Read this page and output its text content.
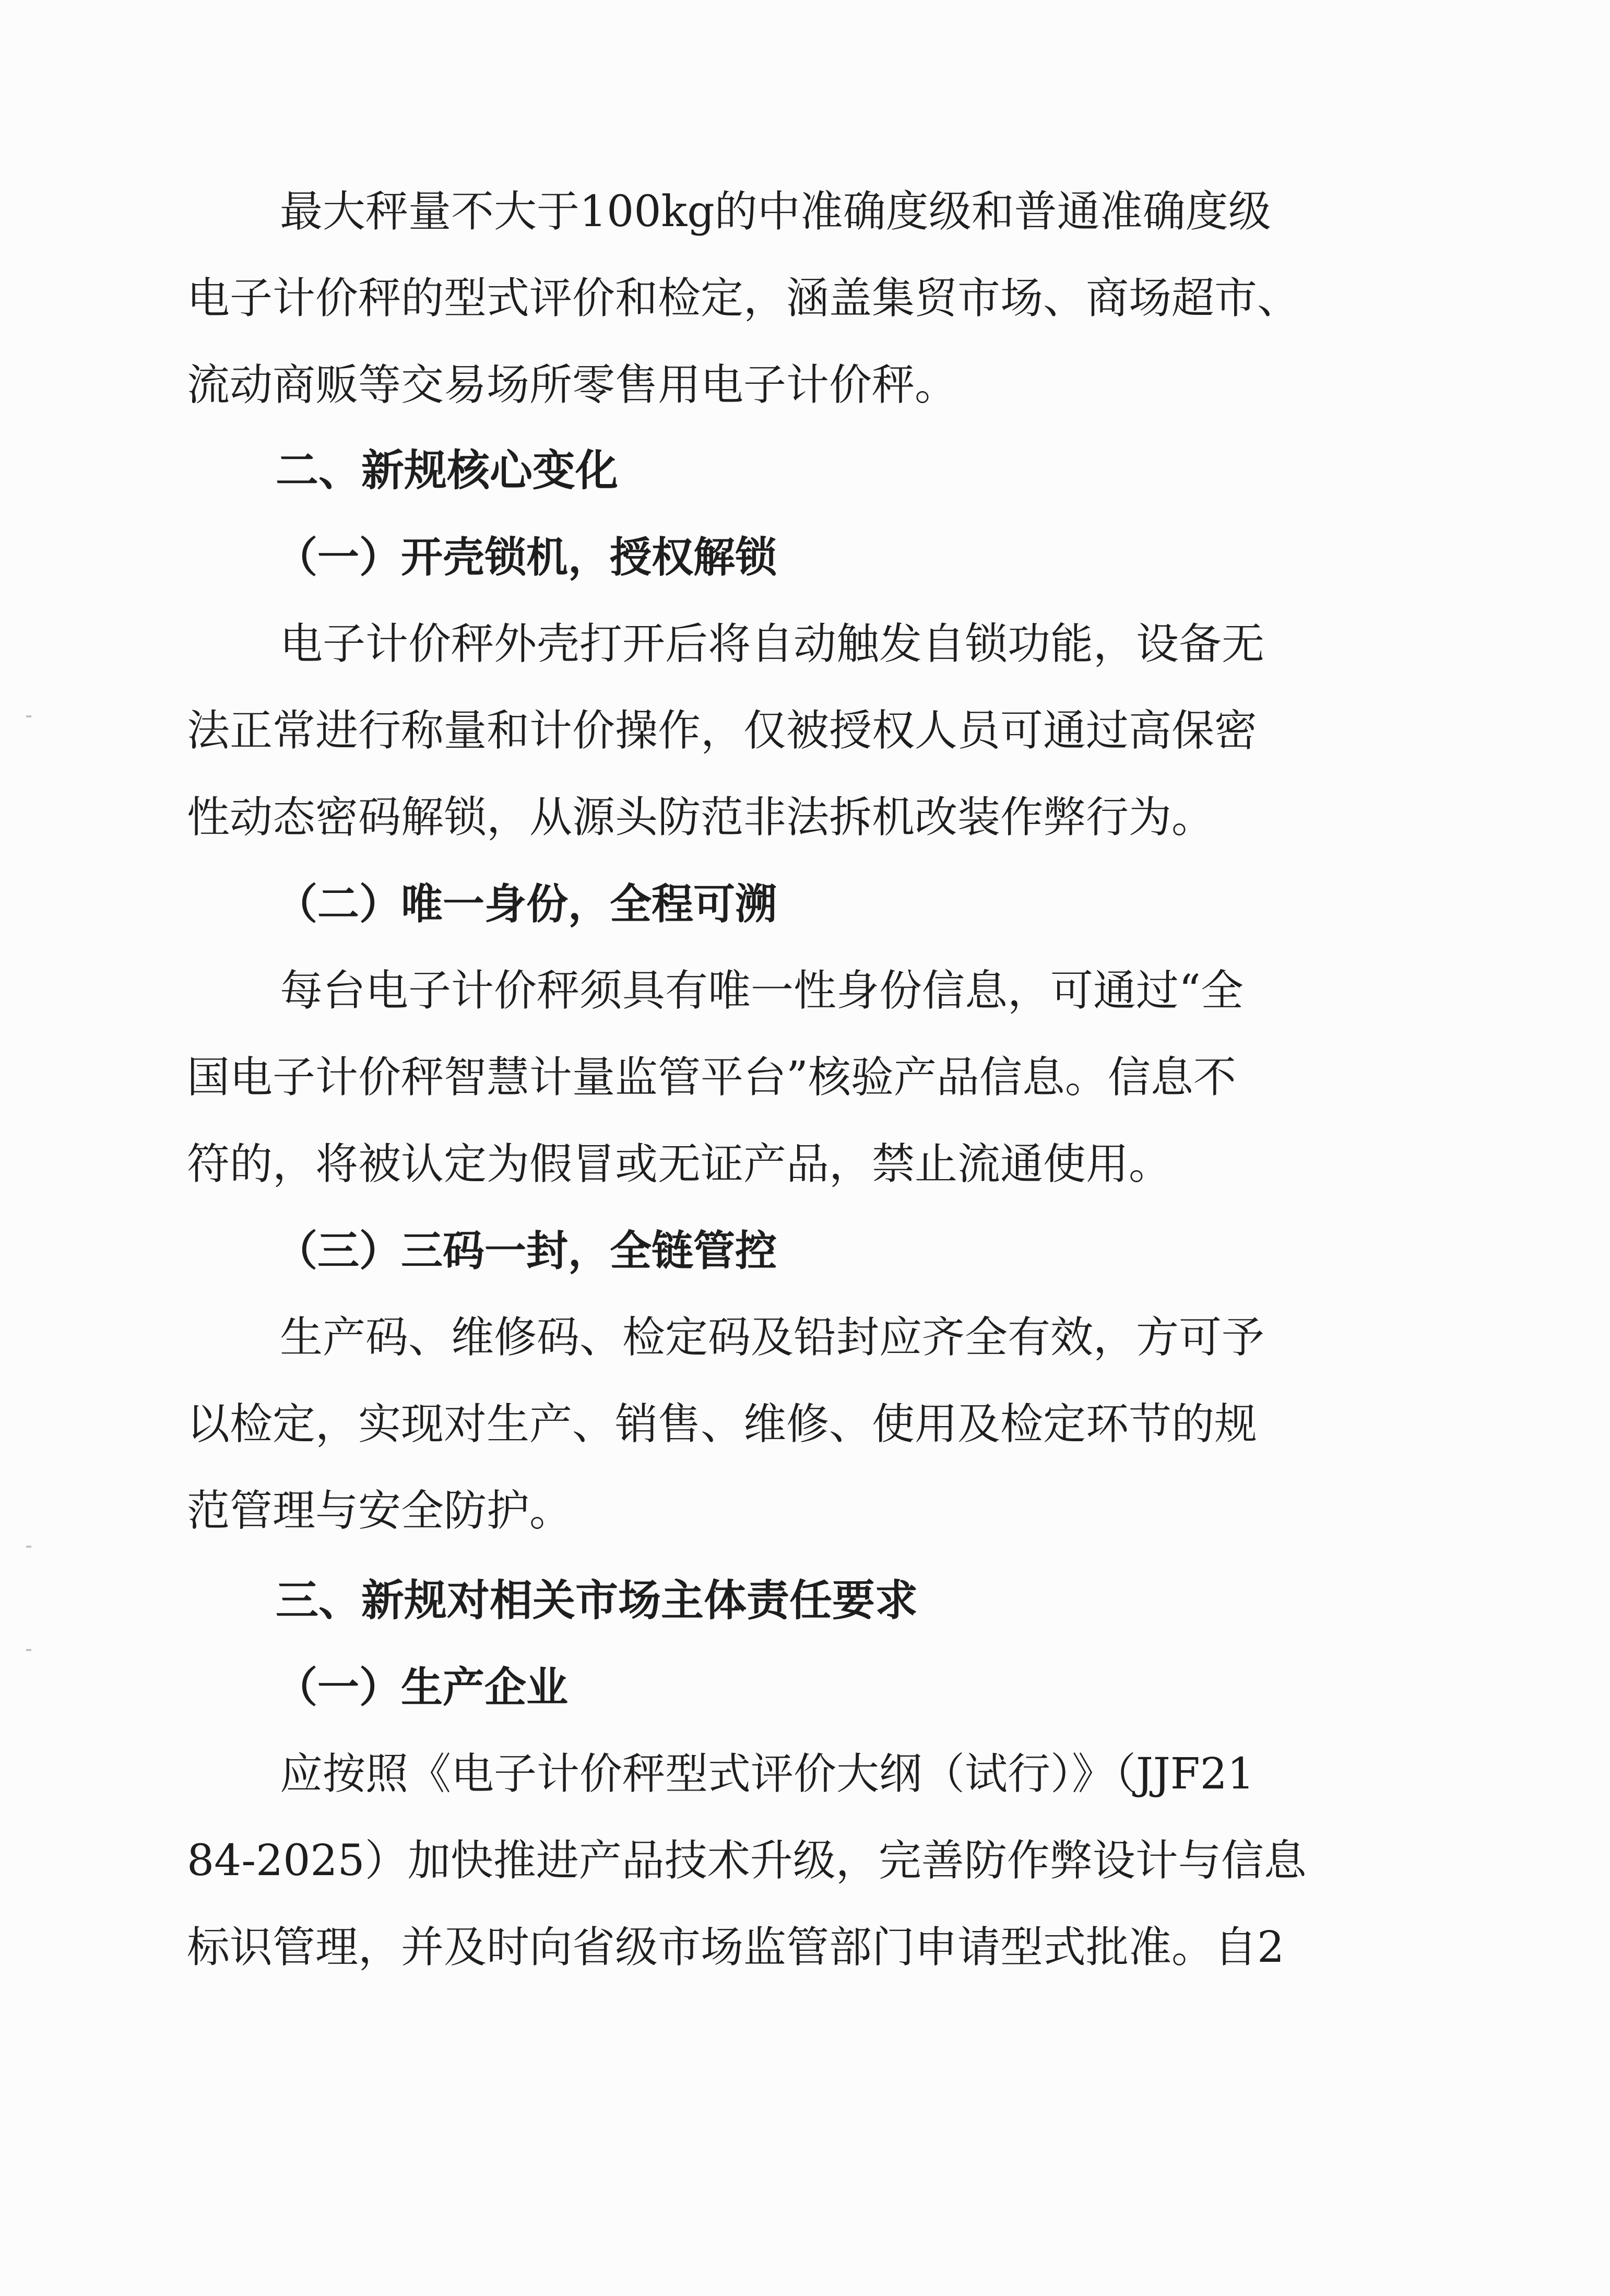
最大秤量不大于100kg的中准确度级和普通准确度级
电子计价秤的型式评价和检定，涵盖集贸市场、商场超市、
流动商贩等交易场所零售用电子计价秤。
二、新规核心变化
（一）开壳锁机，授权解锁
电子计价秤外壳打开后将自动触发自锁功能，设备无
法正常进行称量和计价操作，仅被授权人员可通过高保密
性动态密码解锁，从源头防范非法拆机改装作弊行为。
（二）唯一身份，全程可溯
每台电子计价秤须具有唯一性身份信息，可通过“全
国电子计价秤智慧计量监管平台”核验产品信息。信息不
符的，将被认定为假冒或无证产品，禁止流通使用。
（三）三码一封，全链管控
生产码、维修码、检定码及铅封应齐全有效，方可予
以检定，实现对生产、销售、维修、使用及检定环节的规
范管理与安全防护。
三、新规对相关市场主体责任要求
（一）生产企业
应按照《电子计价秤型式评价大纲（试行）》（JJF21
84-2025）加快推进产品技术升级，完善防作弊设计与信息
标识管理，并及时向省级市场监管部门申请型式批准。自2
